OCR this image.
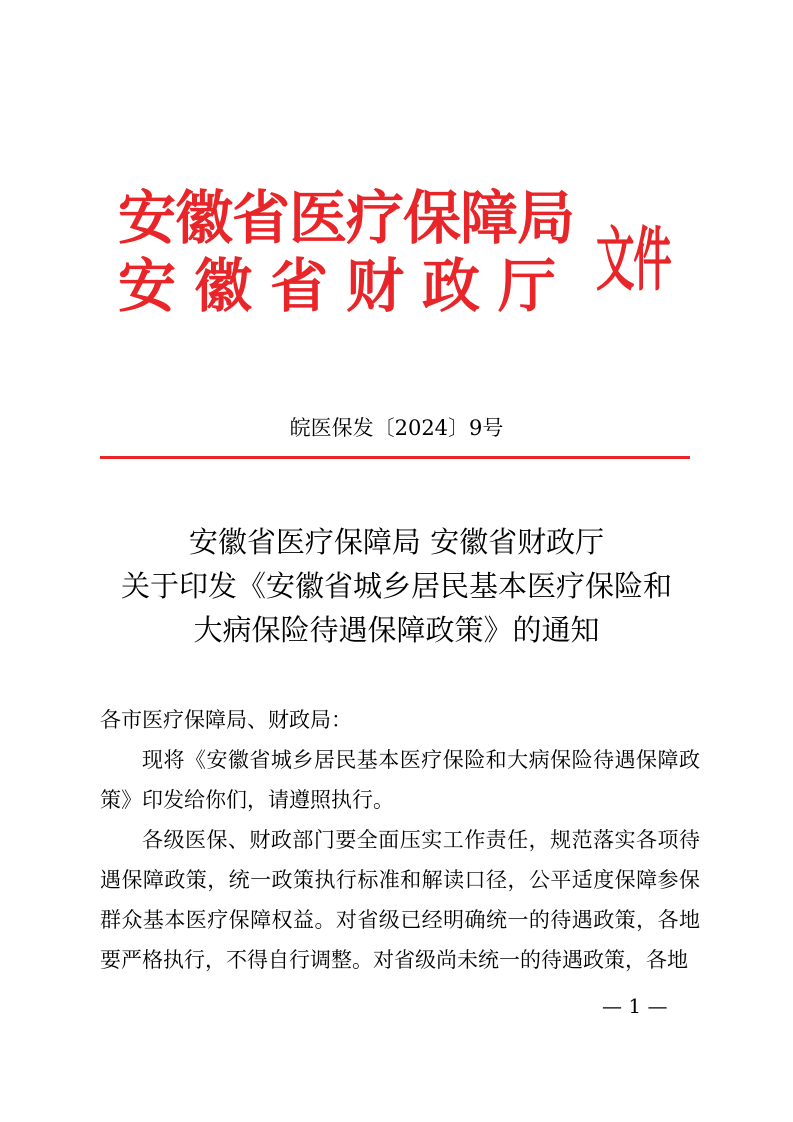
安徽省医疗保障局
安徽省财政厅 文件
皖医保发〔2024〕9号
安徽省医疗保障局 安徽省财政厅
关于印发《安徽省城乡居民基本医疗保险和
大病保险待遇保障政策》的通知

各市医疗保障局、财政局：

现将《安徽省城乡居民基本医疗保险和大病保险待遇保障政策》印发给你们，请遵照执行。

各级医保、财政部门要全面压实工作责任，规范落实各项待遇保障政策，统一政策执行标准和解读口径，公平适度保障参保群众基本医疗保障权益。对省级已经明确统一的待遇政策，各地要严格执行，不得自行调整。对省级尚未统一的待遇政策，各地

— 1 —
